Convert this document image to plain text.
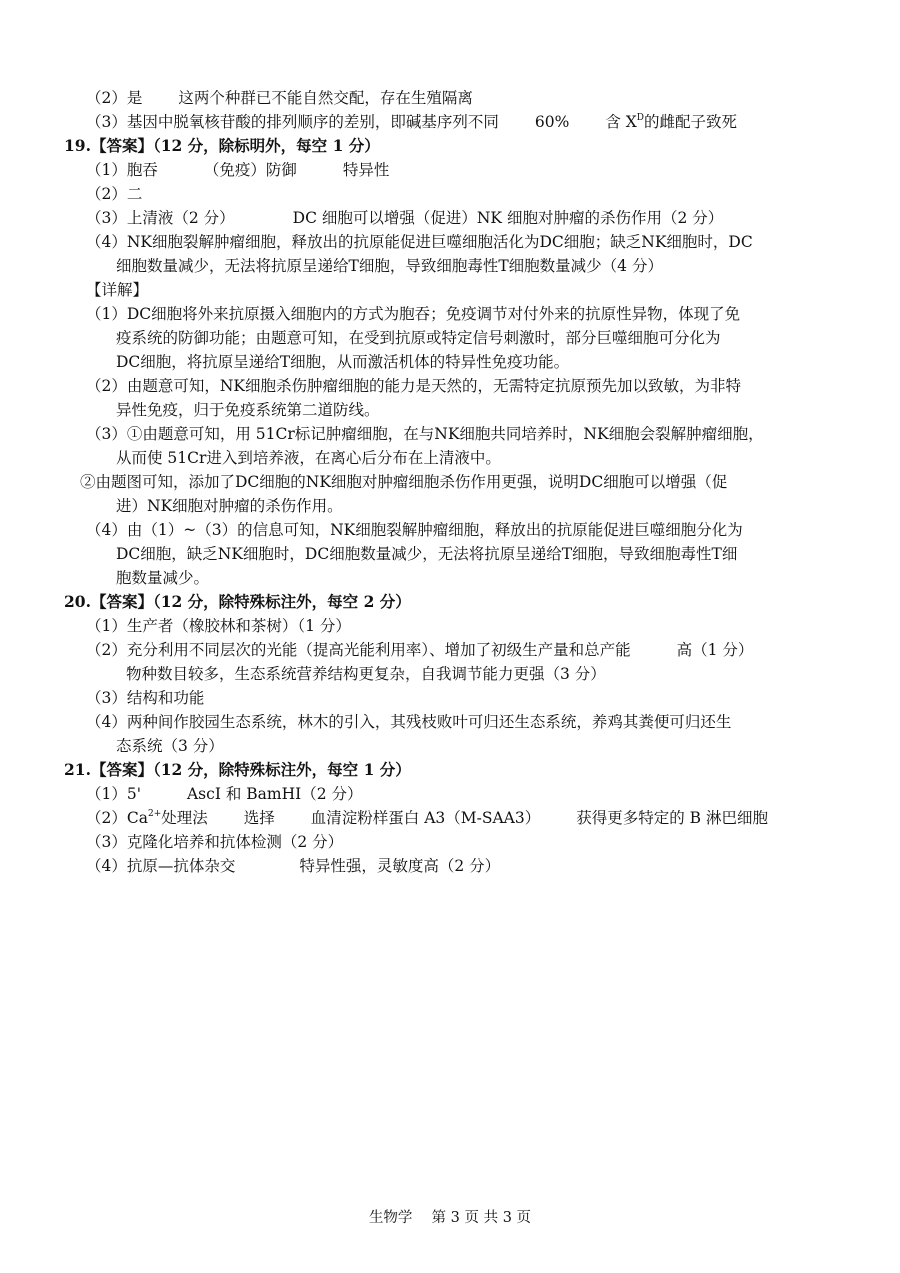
（2）是 这两个种群已不能自然交配，存在生殖隔离
（3）基因中脱氧核苷酸的排列顺序的差别，即碱基序列不同 60% 含 $X^D$的雌配子致死
19.【答案】（12 分，除标明外，每空 1 分）
（1）胞吞	（免疫）防御	特异性
（2）二
（3）上清液（2 分）	DC 细胞可以增强（促进）NK 细胞对肿瘤的杀伤作用（2 分）
（4）NK细胞裂解肿瘤细胞，释放出的抗原能促进巨噬细胞活化为DC细胞；缺乏NK细胞时，DC
细胞数量减少，无法将抗原呈递给T细胞，导致细胞毒性T细胞数量减少（4 分）
【详解】
（1）DC细胞将外来抗原摄入细胞内的方式为胞吞；免疫调节对付外来的抗原性异物，体现了免
疫系统的防御功能；由题意可知，在受到抗原或特定信号刺激时，部分巨噬细胞可分化为
DC细胞，将抗原呈递给T细胞，从而激活机体的特异性免疫功能。
（2）由题意可知，NK细胞杀伤肿瘤细胞的能力是天然的，无需特定抗原预先加以致敏，为非特
异性免疫，归于免疫系统第二道防线。
（3）①由题意可知，用 51Cr标记肿瘤细胞，在与NK细胞共同培养时，NK细胞会裂解肿瘤细胞，
从而使 51Cr进入到培养液，在离心后分布在上清液中。
②由题图可知，添加了DC细胞的NK细胞对肿瘤细胞杀伤作用更强，说明DC细胞可以增强（促
进）NK细胞对肿瘤的杀伤作用。
（4）由（1）~（3）的信息可知，NK细胞裂解肿瘤细胞，释放出的抗原能促进巨噬细胞分化为
DC细胞，缺乏NK细胞时，DC细胞数量减少，无法将抗原呈递给T细胞，导致细胞毒性T细
胞数量减少。
20.【答案】（12 分，除特殊标注外，每空 2 分）
（1）生产者（橡胶林和茶树）（1 分）
（2）充分利用不同层次的光能（提高光能利用率）、增加了初级生产量和总产能	高（1 分）
物种数目较多，生态系统营养结构更复杂，自我调节能力更强（3 分）
（3）结构和功能
（4）两种间作胶园生态系统，林木的引入，其残枝败叶可归还生态系统，养鸡其粪便可归还生
态系统（3 分）
21.【答案】（12 分，除特殊标注外，每空 1 分）
（1）5'	AscI 和 BamHI（2 分）
$(2)Ca^{2+}$处理法 选择 血清淀粉样蛋白 A3（M-SAA3） 获得更多特定的 B 淋巴细胞
（3）克隆化培养和抗体检测（2 分）
（4）抗原—抗体杂交	特异性强，灵敏度高（2 分）
生物学　 第 3 页 共 3 页
